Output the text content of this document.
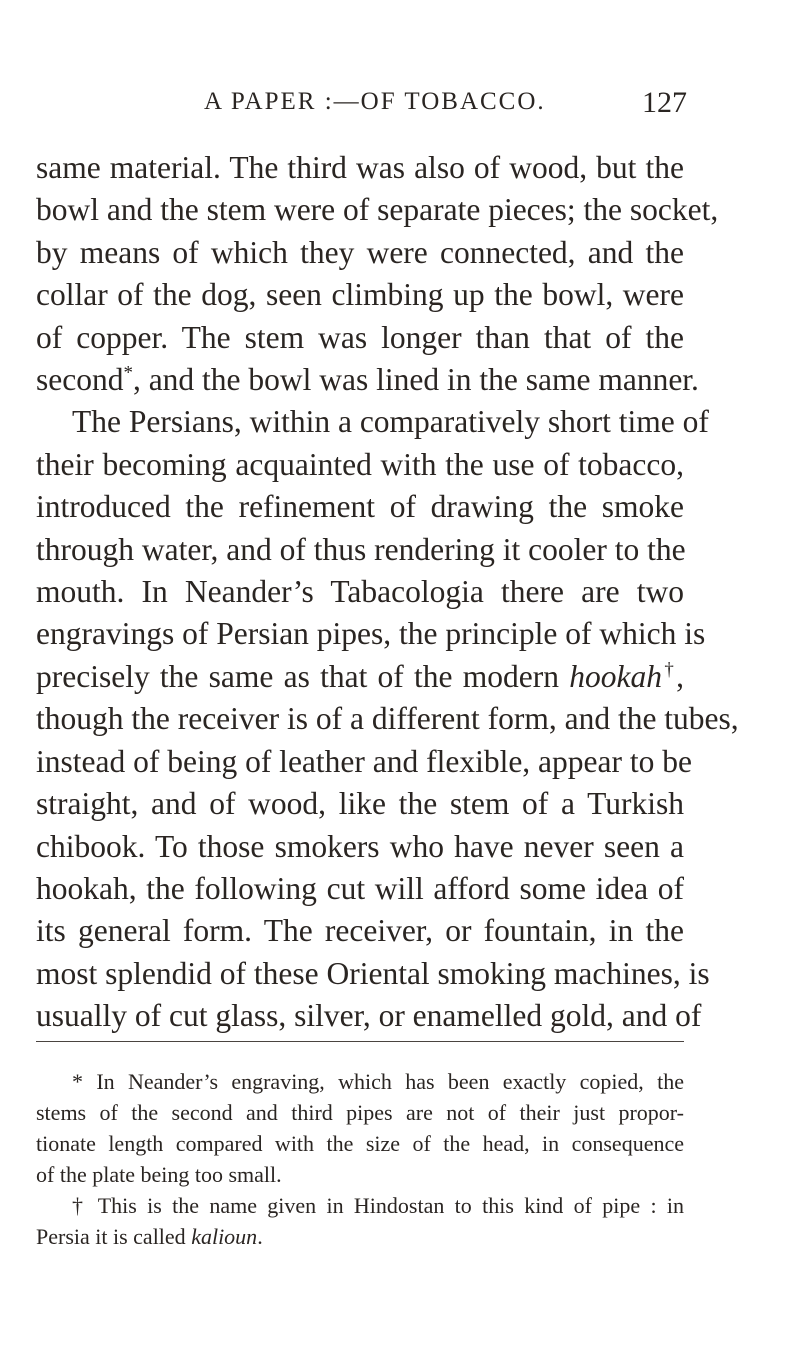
A PAPER :—OF TOBACCO.	127
same material. The third was also of wood, but the
bowl and the stem were of separate pieces; the socket,
by means of which they were connected, and the
collar of the dog, seen climbing up the bowl, were
of copper. The stem was longer than that of the
second*, and the bowl was lined in the same manner.
The Persians, within a comparatively short time of
their becoming acquainted with the use of tobacco,
introduced the refinement of drawing the smoke
through water, and of thus rendering it cooler to the
mouth. In Neander’s Tabacologia there are two
engravings of Persian pipes, the principle of which is
precisely the same as that of the modern hookah†,
though the receiver is of a different form, and the tubes,
instead of being of leather and flexible, appear to be
straight, and of wood, like the stem of a Turkish
chibook. To those smokers who have never seen a
hookah, the following cut will afford some idea of
its general form. The receiver, or fountain, in the
most splendid of these Oriental smoking machines, is
usually of cut glass, silver, or enamelled gold, and of
* In Neander’s engraving, which has been exactly copied, the
stems of the second and third pipes are not of their just propor-
tionate length compared with the size of the head, in consequence
of the plate being too small.
† This is the name given in Hindostan to this kind of pipe : in
Persia it is called kalioun.
